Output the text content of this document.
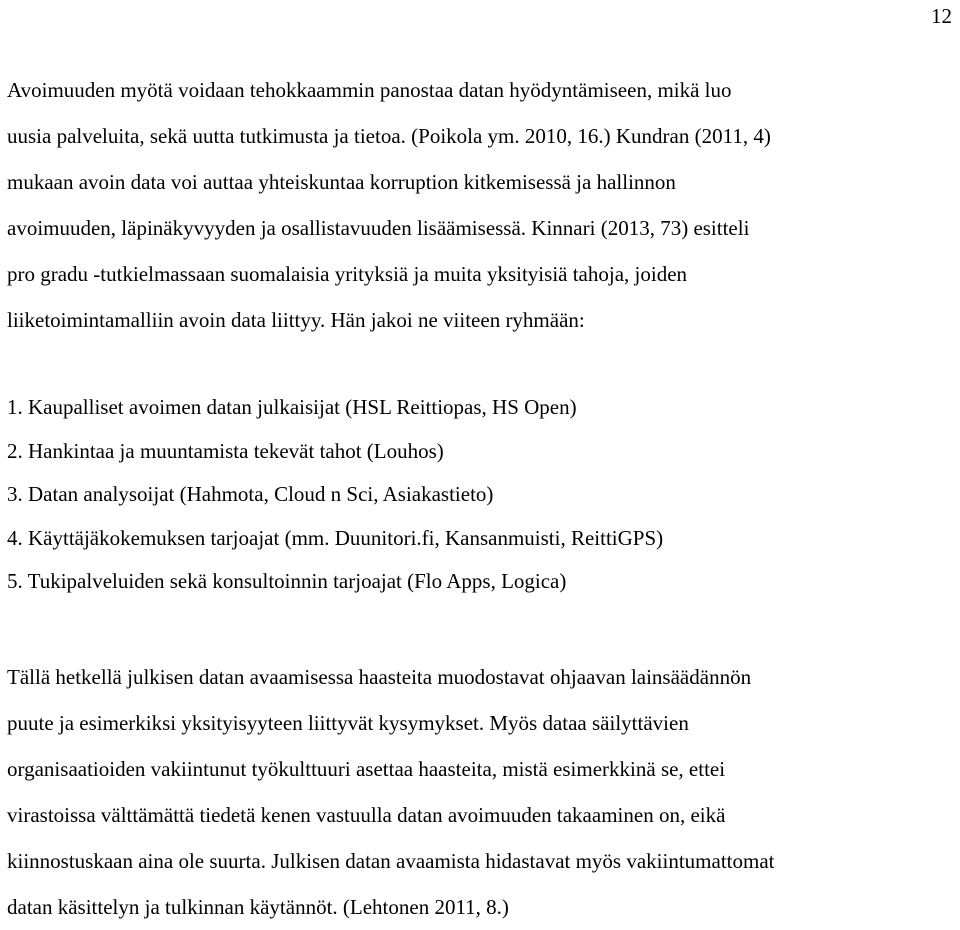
12
Avoimuuden myötä voidaan tehokkaammin panostaa datan hyödyntämiseen, mikä luo
uusia palveluita, sekä uutta tutkimusta ja tietoa. (Poikola ym. 2010, 16.) Kundran (2011, 4)
mukaan avoin data voi auttaa yhteiskuntaa korruption kitkemisessä ja hallinnon
avoimuuden, läpinäkyvyyden ja osallistavuuden lisäämisessä. Kinnari (2013, 73) esitteli
pro gradu -tutkielmassaan suomalaisia yrityksiä ja muita yksityisiä tahoja, joiden
liiketoimintamalliin avoin data liittyy. Hän jakoi ne viiteen ryhmään:
1. Kaupalliset avoimen datan julkaisijat (HSL Reittiopas, HS Open)
2. Hankintaa ja muuntamista tekevät tahot (Louhos)
3. Datan analysoijat (Hahmota, Cloud n Sci, Asiakastieto)
4. Käyttäjäkokemuksen tarjoajat (mm. Duunitori.fi, Kansanmuisti, ReittiGPS)
5. Tukipalveluiden sekä konsultoinnin tarjoajat (Flo Apps, Logica)
Tällä hetkellä julkisen datan avaamisessa haasteita muodostavat ohjaavan lainsäädännön
puute ja esimerkiksi yksityisyyteen liittyvät kysymykset. Myös dataa säilyttävien
organisaatioiden vakiintunut työkulttuuri asettaa haasteita, mistä esimerkkinä se, ettei
virastoissa välttämättä tiedetä kenen vastuulla datan avoimuuden takaaminen on, eikä
kiinnostuskaan aina ole suurta. Julkisen datan avaamista hidastavat myös vakiintumattomat
datan käsittelyn ja tulkinnan käytännöt. (Lehtonen 2011, 8.)
